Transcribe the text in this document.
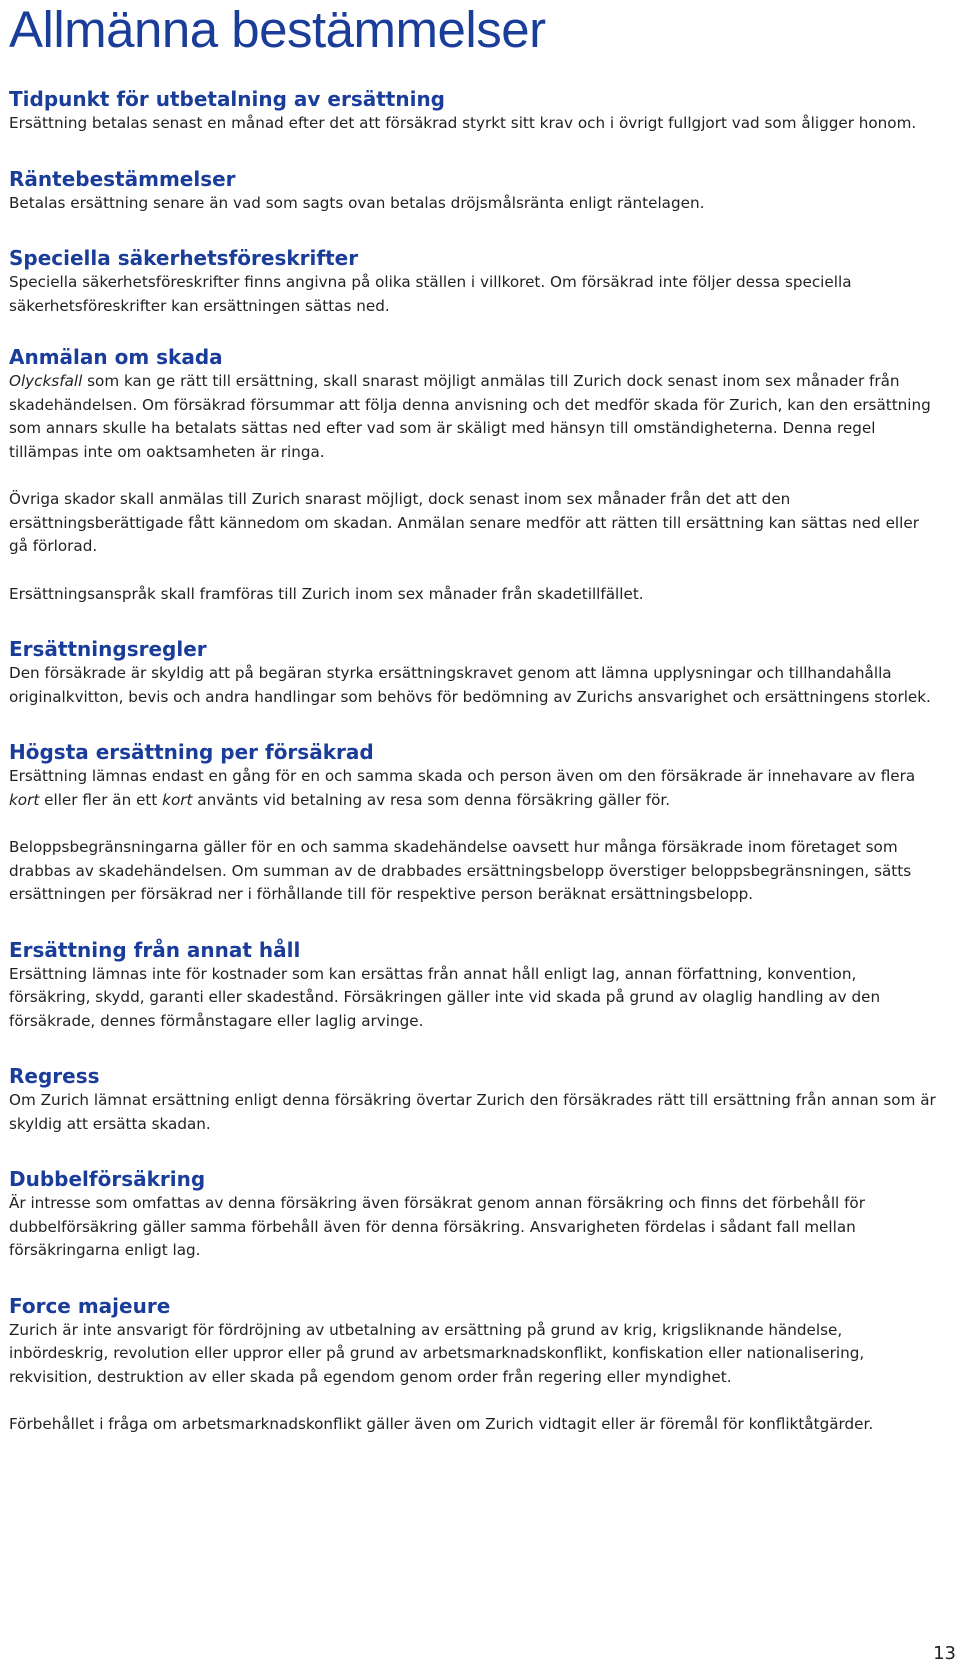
Allmänna bestämmelser
Tidpunkt för utbetalning av ersättning

Ersättning betalas senast en månad efter det att försäkrad styrkt sitt krav och i övrigt fullgjort vad som åligger honom.

Räntebestämmelser

Betalas ersättning senare än vad som sagts ovan betalas dröjsmålsränta enligt räntelagen.

Speciella säkerhetsföreskrifter

Speciella säkerhetsföreskrifter finns angivna på olika ställen i villkoret. Om försäkrad inte följer dessa speciella säkerhetsföreskrifter kan ersättningen sättas ned.

Anmälan om skada

Olycksfall som kan ge rätt till ersättning, skall snarast möjligt anmälas till Zurich dock senast inom sex månader från skadehändelsen. Om försäkrad försummar att följa denna anvisning och det medför skada för Zurich, kan den ersättning som annars skulle ha betalats sättas ned efter vad som är skäligt med hänsyn till omständigheterna. Denna regel tillämpas inte om oaktsamheten är ringa.

Övriga skador skall anmälas till Zurich snarast möjligt, dock senast inom sex månader från det att den ersättningsberättigade fått kännedom om skadan. Anmälan senare medför att rätten till ersättning kan sättas ned eller gå förlorad.

Ersättningsanspråk skall framföras till Zurich inom sex månader från skadetillfället.

Ersättningsregler

Den försäkrade är skyldig att på begäran styrka ersättningskravet genom att lämna upplysningar och tillhandahålla originalkvitton, bevis och andra handlingar som behövs för bedömning av Zurichs ansvarighet och ersättningens storlek.

Högsta ersättning per försäkrad

Ersättning lämnas endast en gång för en och samma skada och person även om den försäkrade är innehavare av flera kort eller fler än ett kort använts vid betalning av resa som denna försäkring gäller för.

Beloppsbegränsningarna gäller för en och samma skadehändelse oavsett hur många försäkrade inom företaget som drabbas av skadehändelsen. Om summan av de drabbades ersättningsbelopp överstiger beloppsbegränsningen, sätts ersättningen per försäkrad ner i förhållande till för respektive person beräknat ersättningsbelopp.

Ersättning från annat håll

Ersättning lämnas inte för kostnader som kan ersättas från annat håll enligt lag, annan författning, konvention, försäkring, skydd, garanti eller skadestånd. Försäkringen gäller inte vid skada på grund av olaglig handling av den försäkrade, dennes förmånstagare eller laglig arvinge.

Regress

Om Zurich lämnat ersättning enligt denna försäkring övertar Zurich den försäkrades rätt till ersättning från annan som är skyldig att ersätta skadan.

Dubbelförsäkring

Är intresse som omfattas av denna försäkring även försäkrat genom annan försäkring och finns det förbehåll för dubbelförsäkring gäller samma förbehåll även för denna försäkring. Ansvarigheten fördelas i sådant fall mellan försäkringarna enligt lag.

Force majeure

Zurich är inte ansvarigt för fördröjning av utbetalning av ersättning på grund av krig, krigsliknande händelse, inbördeskrig, revolution eller uppror eller på grund av arbetsmarknadskonflikt, konfiskation eller nationalisering, rekvisition, destruktion av eller skada på egendom genom order från regering eller myndighet.

Förbehållet i fråga om arbetsmarknadskonflikt gäller även om Zurich vidtagit eller är föremål för konfliktåtgärder.

13
